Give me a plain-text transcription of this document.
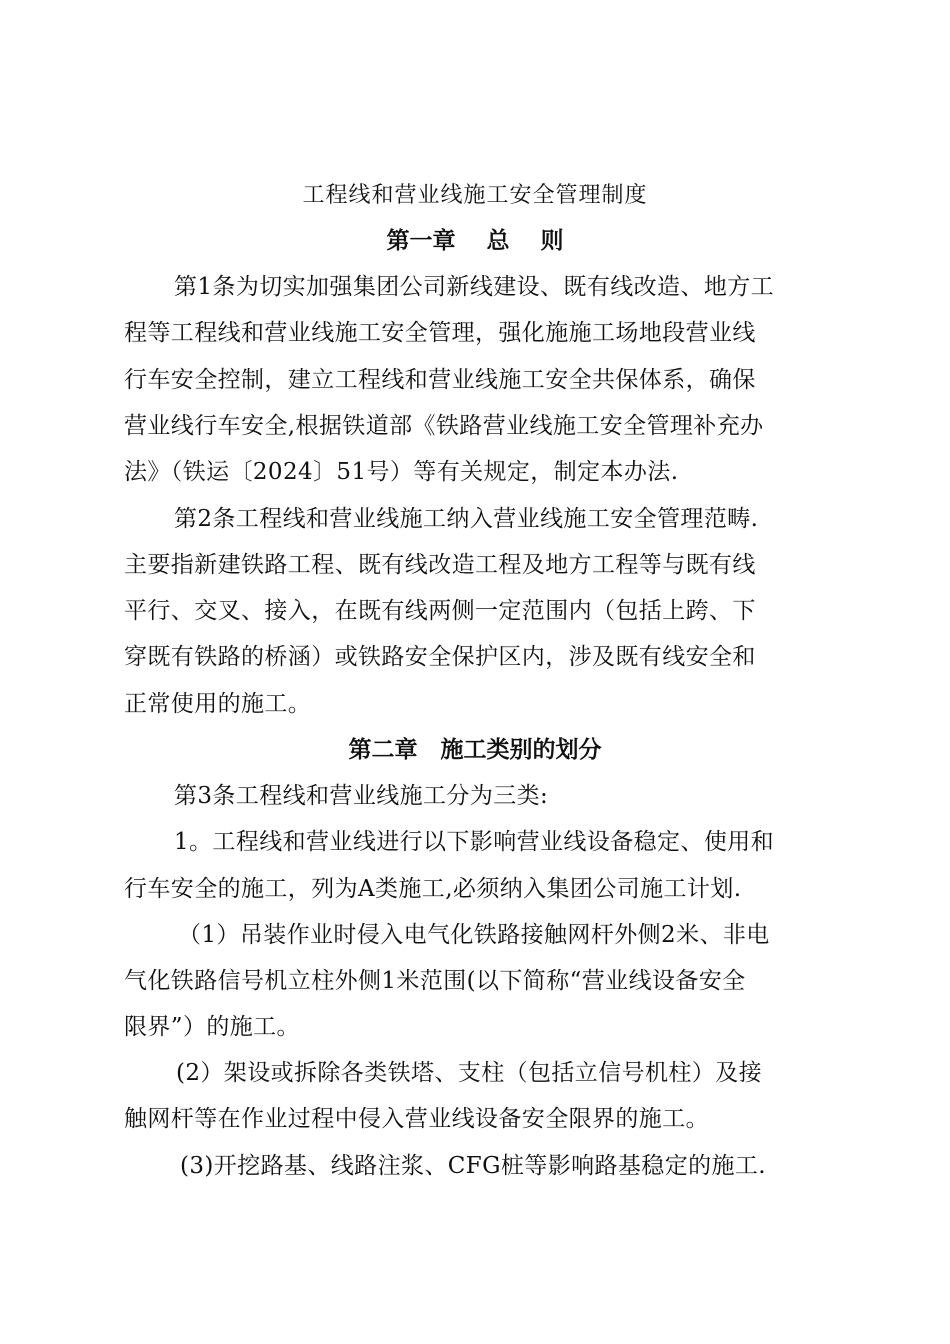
工程线和营业线施工安全管理制度
第一章　 总　 则
第1条为切实加强集团公司新线建设、既有线改造、地方工
程等工程线和营业线施工安全管理，强化施施工场地段营业线
行车安全控制，建立工程线和营业线施工安全共保体系，确保
营业线行车安全,根据铁道部《铁路营业线施工安全管理补充办
法》（铁运〔2024〕51号）等有关规定，制定本办法.
第2条工程线和营业线施工纳入营业线施工安全管理范畴.
主要指新建铁路工程、既有线改造工程及地方工程等与既有线
平行、交叉、接入，在既有线两侧一定范围内（包括上跨、下
穿既有铁路的桥涵）或铁路安全保护区内，涉及既有线安全和
正常使用的施工。
第二章　施工类别的划分
第3条工程线和营业线施工分为三类:
1。工程线和营业线进行以下影响营业线设备稳定、使用和
行车安全的施工，列为A类施工,必须纳入集团公司施工计划.
（1）吊装作业时侵入电气化铁路接触网杆外侧2米、非电
气化铁路信号机立柱外侧1米范围(以下简称“营业线设备安全
限界”）的施工。
(2）架设或拆除各类铁塔、支柱（包括立信号机柱）及接
触网杆等在作业过程中侵入营业线设备安全限界的施工。
(3)开挖路基、线路注浆、CFG桩等影响路基稳定的施工.
